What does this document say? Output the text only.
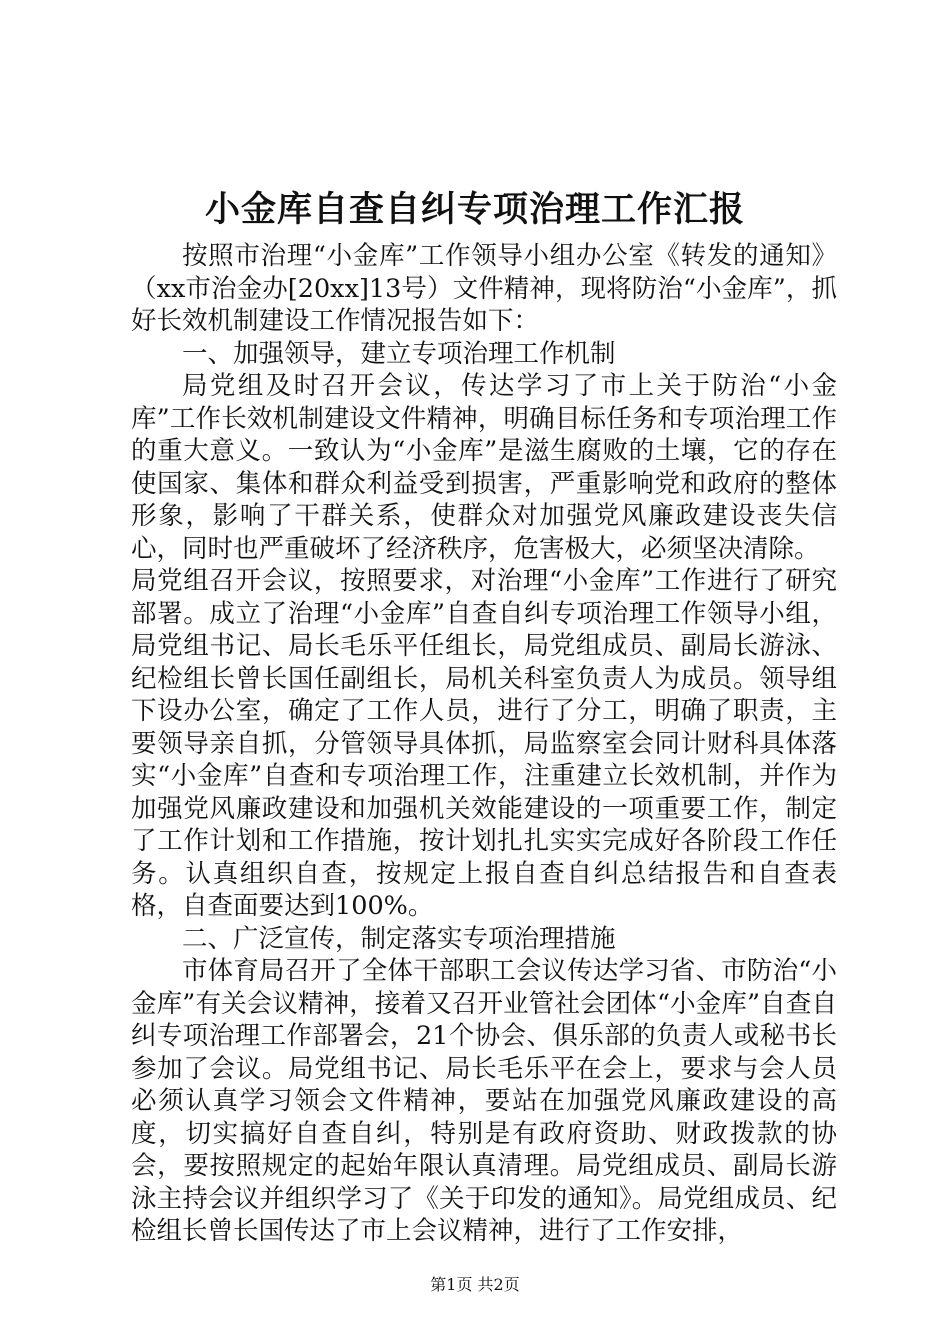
小金库自查自纠专项治理工作汇报

按照市治理“小金库”工作领导小组办公室《转发的通知》（xx市治金办[20xx]13号）文件精神，现将防治“小金库”，抓好长效机制建设工作情况报告如下：

一、加强领导，建立专项治理工作机制

局党组及时召开会议，传达学习了市上关于防治“小金库”工作长效机制建设文件精神，明确目标任务和专项治理工作的重大意义。一致认为“小金库”是滋生腐败的土壤，它的存在使国家、集体和群众利益受到损害，严重影响党和政府的整体形象，影响了干群关系，使群众对加强党风廉政建设丧失信心，同时也严重破坏了经济秩序，危害极大，必须坚决清除。

局党组召开会议，按照要求，对治理“小金库”工作进行了研究部署。成立了治理“小金库”自查自纠专项治理工作领导小组，局党组书记、局长毛乐平任组长，局党组成员、副局长游泳、纪检组长曾长国任副组长，局机关科室负责人为成员。领导组下设办公室，确定了工作人员，进行了分工，明确了职责，主要领导亲自抓，分管领导具体抓，局监察室会同计财科具体落实“小金库”自查和专项治理工作，注重建立长效机制，并作为加强党风廉政建设和加强机关效能建设的一项重要工作，制定了工作计划和工作措施，按计划扎扎实实完成好各阶段工作任务。认真组织自查，按规定上报自查自纠总结报告和自查表格，自查面要达到100%。

二、广泛宣传，制定落实专项治理措施

市体育局召开了全体干部职工会议传达学习省、市防治“小金库”有关会议精神，接着又召开业管社会团体“小金库”自查自纠专项治理工作部署会，21个协会、俱乐部的负责人或秘书长参加了会议。局党组书记、局长毛乐平在会上，要求与会人员必须认真学习领会文件精神，要站在加强党风廉政建设的高度，切实搞好自查自纠，特别是有政府资助、财政拨款的协会，要按照规定的起始年限认真清理。局党组成员、副局长游泳主持会议并组织学习了《关于印发的通知》。局党组成员、纪检组长曾长国传达了市上会议精神，进行了工作安排，

第1页 共2页
